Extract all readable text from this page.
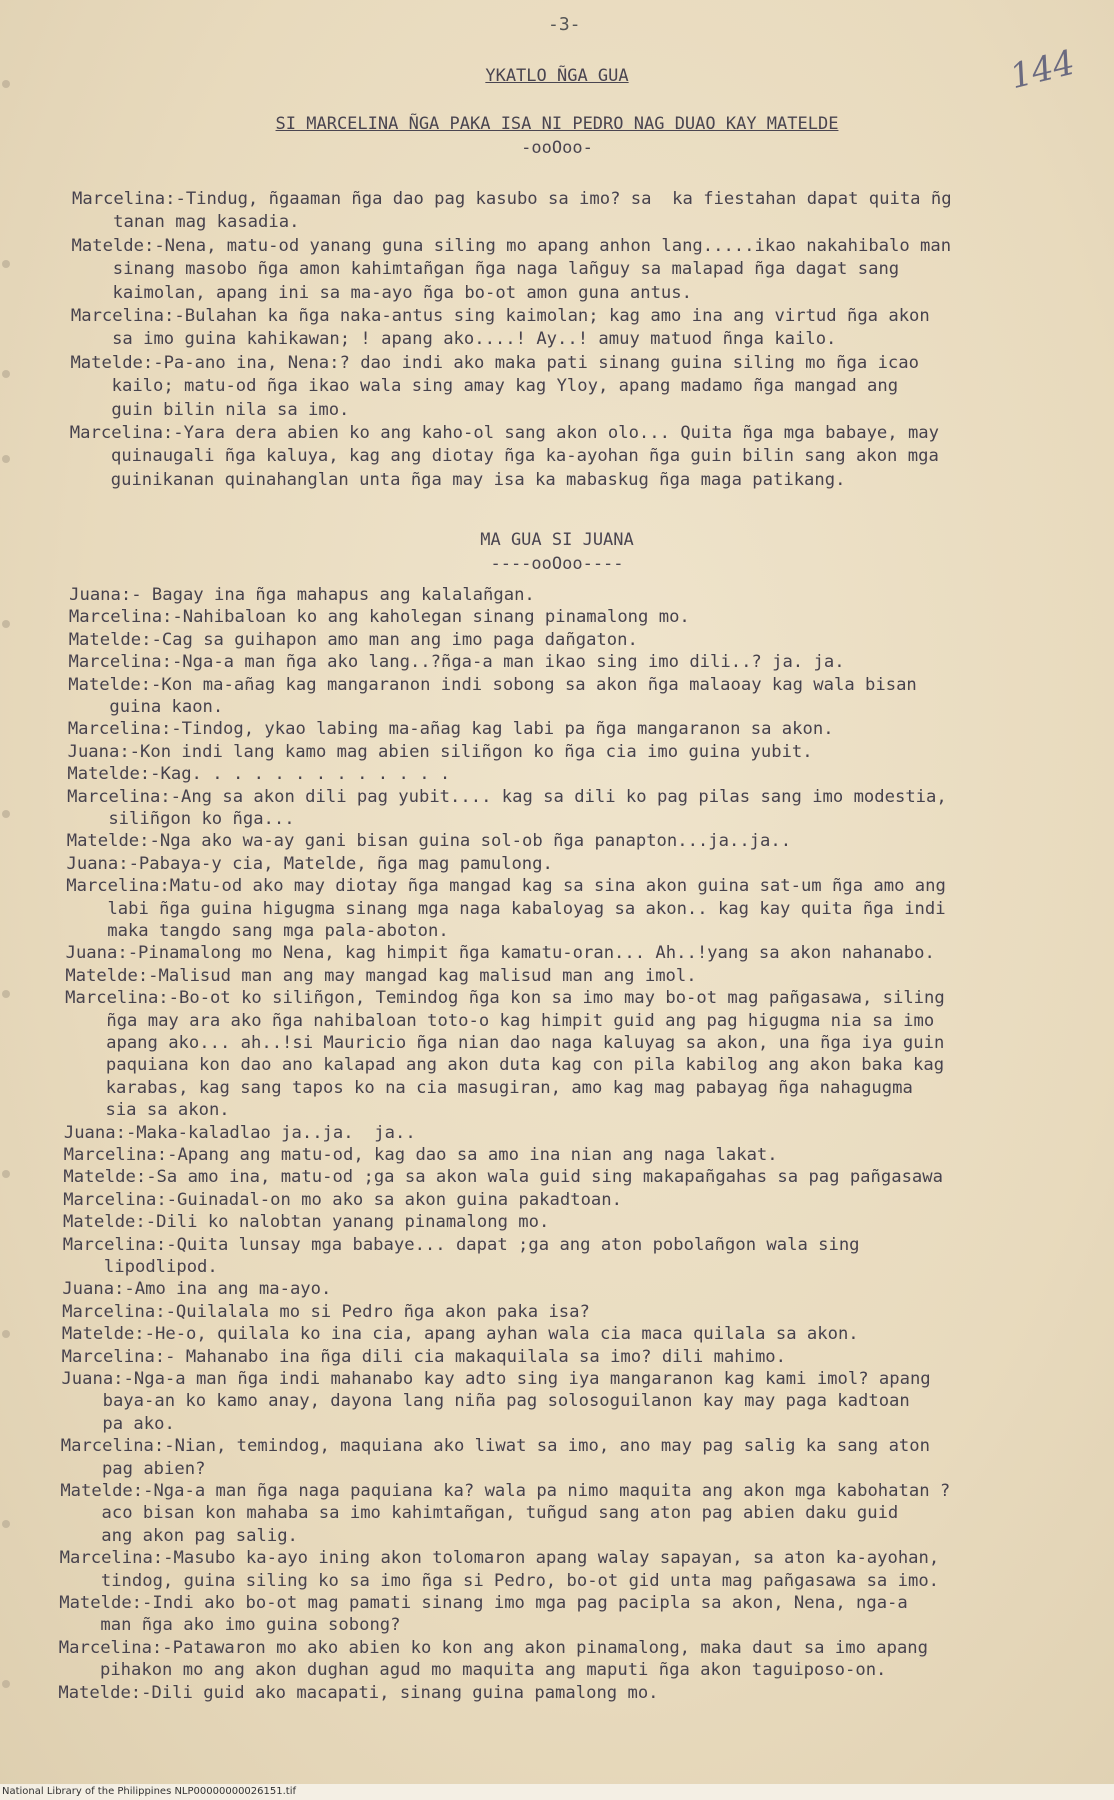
-3-
144
YKATLO ÑGA GUA
SI MARCELINA ÑGA PAKA ISA NI PEDRO NAG DUAO KAY MATELDE
-ooOoo-
MA GUA SI JUANA
----ooOoo----
Marcelina:-Tindug, ñgaaman ñga dao pag kasubo sa imo? sa  ka fiestahan dapat quita ñg
tanan mag kasadia.
Matelde:-Nena, matu-od yanang guna siling mo apang anhon lang.....ikao nakahibalo man
sinang masobo ñga amon kahimtañgan ñga naga lañguy sa malapad ñga dagat sang
kaimolan, apang ini sa ma-ayo ñga bo-ot amon guna antus.
Marcelina:-Bulahan ka ñga naka-antus sing kaimolan; kag amo ina ang virtud ñga akon
sa imo guina kahikawan; ! apang ako....! Ay..! amuy matuod ñnga kailo.
Matelde:-Pa-ano ina, Nena:? dao indi ako maka pati sinang guina siling mo ñga icao
kailo; matu-od ñga ikao wala sing amay kag Yloy, apang madamo ñga mangad ang
guin bilin nila sa imo.
Marcelina:-Yara dera abien ko ang kaho-ol sang akon olo... Quita ñga mga babaye, may
quinaugali ñga kaluya, kag ang diotay ñga ka-ayohan ñga guin bilin sang akon mga
guinikanan quinahanglan unta ñga may isa ka mabaskug ñga maga patikang.
Juana:- Bagay ina ñga mahapus ang kalalañgan.
Marcelina:-Nahibaloan ko ang kaholegan sinang pinamalong mo.
Matelde:-Cag sa guihapon amo man ang imo paga dañgaton.
Marcelina:-Nga-a man ñga ako lang..?ñga-a man ikao sing imo dili..? ja. ja.
Matelde:-Kon ma-añag kag mangaranon indi sobong sa akon ñga malaoay kag wala bisan
guina kaon.
Marcelina:-Tindog, ykao labing ma-añag kag labi pa ñga mangaranon sa akon.
Juana:-Kon indi lang kamo mag abien siliñgon ko ñga cia imo guina yubit.
Matelde:-Kag. . . . . . . . . . . . .
Marcelina:-Ang sa akon dili pag yubit.... kag sa dili ko pag pilas sang imo modestia,
siliñgon ko ñga...
Matelde:-Nga ako wa-ay gani bisan guina sol-ob ñga panapton...ja..ja..
Juana:-Pabaya-y cia, Matelde, ñga mag pamulong.
Marcelina:Matu-od ako may diotay ñga mangad kag sa sina akon guina sat-um ñga amo ang
labi ñga guina higugma sinang mga naga kabaloyag sa akon.. kag kay quita ñga indi
maka tangdo sang mga pala-aboton.
Juana:-Pinamalong mo Nena, kag himpit ñga kamatu-oran... Ah..!yang sa akon nahanabo.
Matelde:-Malisud man ang may mangad kag malisud man ang imol.
Marcelina:-Bo-ot ko siliñgon, Temindog ñga kon sa imo may bo-ot mag pañgasawa, siling
ñga may ara ako ñga nahibaloan toto-o kag himpit guid ang pag higugma nia sa imo
apang ako... ah..!si Mauricio ñga nian dao naga kaluyag sa akon, una ñga iya guin
paquiana kon dao ano kalapad ang akon duta kag con pila kabilog ang akon baka kag
karabas, kag sang tapos ko na cia masugiran, amo kag mag pabayag ñga nahagugma
sia sa akon.
Juana:-Maka-kaladlao ja..ja.  ja..
Marcelina:-Apang ang matu-od, kag dao sa amo ina nian ang naga lakat.
Matelde:-Sa amo ina, matu-od ;ga sa akon wala guid sing makapañgahas sa pag pañgasawa
Marcelina:-Guinadal-on mo ako sa akon guina pakadtoan.
Matelde:-Dili ko nalobtan yanang pinamalong mo.
Marcelina:-Quita lunsay mga babaye... dapat ;ga ang aton pobolañgon wala sing
lipodlipod.
Juana:-Amo ina ang ma-ayo.
Marcelina:-Quilalala mo si Pedro ñga akon paka isa?
Matelde:-He-o, quilala ko ina cia, apang ayhan wala cia maca quilala sa akon.
Marcelina:- Mahanabo ina ñga dili cia makaquilala sa imo? dili mahimo.
Juana:-Nga-a man ñga indi mahanabo kay adto sing iya mangaranon kag kami imol? apang
baya-an ko kamo anay, dayona lang niña pag solosoguilanon kay may paga kadtoan
pa ako.
Marcelina:-Nian, temindog, maquiana ako liwat sa imo, ano may pag salig ka sang aton
pag abien?
Matelde:-Nga-a man ñga naga paquiana ka? wala pa nimo maquita ang akon mga kabohatan ?
aco bisan kon mahaba sa imo kahimtañgan, tuñgud sang aton pag abien daku guid
ang akon pag salig.
Marcelina:-Masubo ka-ayo ining akon tolomaron apang walay sapayan, sa aton ka-ayohan,
tindog, guina siling ko sa imo ñga si Pedro, bo-ot gid unta mag pañgasawa sa imo.
Matelde:-Indi ako bo-ot mag pamati sinang imo mga pag pacipla sa akon, Nena, nga-a
man ñga ako imo guina sobong?
Marcelina:-Patawaron mo ako abien ko kon ang akon pinamalong, maka daut sa imo apang
pihakon mo ang akon dughan agud mo maquita ang maputi ñga akon taguiposo-on.
Matelde:-Dili guid ako macapati, sinang guina pamalong mo.
National Library of the Philippines NLP00000000026151.tif
